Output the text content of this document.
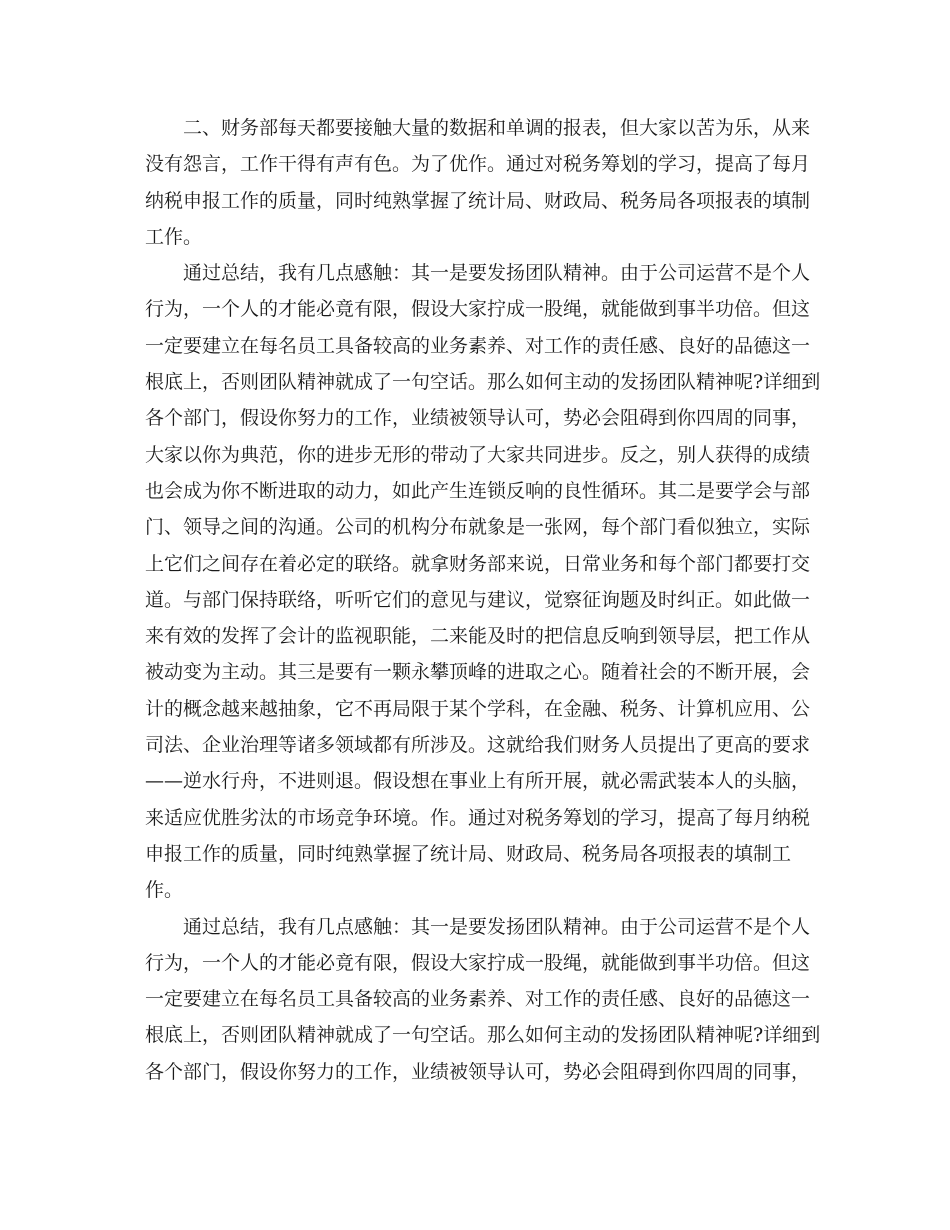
二、财务部每天都要接触大量的数据和单调的报表，但大家以苦为乐，从来
没有怨言，工作干得有声有色。为了优作。通过对税务筹划的学习，提高了每月
纳税申报工作的质量，同时纯熟掌握了统计局、财政局、税务局各项报表的填制
工作。
通过总结，我有几点感触：其一是要发扬团队精神。由于公司运营不是个人
行为，一个人的才能必竟有限，假设大家拧成一股绳，就能做到事半功倍。但这
一定要建立在每名员工具备较高的业务素养、对工作的责任感、良好的品德这一
根底上，否则团队精神就成了一句空话。那么如何主动的发扬团队精神呢?详细到
各个部门，假设你努力的工作，业绩被领导认可，势必会阻碍到你四周的同事，
大家以你为典范，你的进步无形的带动了大家共同进步。反之，别人获得的成绩
也会成为你不断进取的动力，如此产生连锁反响的良性循环。其二是要学会与部
门、领导之间的沟通。公司的机构分布就象是一张网，每个部门看似独立，实际
上它们之间存在着必定的联络。就拿财务部来说，日常业务和每个部门都要打交
道。与部门保持联络，听听它们的意见与建议，觉察征询题及时纠正。如此做一
来有效的发挥了会计的监视职能，二来能及时的把信息反响到领导层，把工作从
被动变为主动。其三是要有一颗永攀顶峰的进取之心。随着社会的不断开展，会
计的概念越来越抽象，它不再局限于某个学科，在金融、税务、计算机应用、公
司法、企业治理等诸多领域都有所涉及。这就给我们财务人员提出了更高的要求
——逆水行舟，不进则退。假设想在事业上有所开展，就必需武装本人的头脑，
来适应优胜劣汰的市场竞争环境。作。通过对税务筹划的学习，提高了每月纳税
申报工作的质量，同时纯熟掌握了统计局、财政局、税务局各项报表的填制工
作。
通过总结，我有几点感触：其一是要发扬团队精神。由于公司运营不是个人
行为，一个人的才能必竟有限，假设大家拧成一股绳，就能做到事半功倍。但这
一定要建立在每名员工具备较高的业务素养、对工作的责任感、良好的品德这一
根底上，否则团队精神就成了一句空话。那么如何主动的发扬团队精神呢?详细到
各个部门，假设你努力的工作，业绩被领导认可，势必会阻碍到你四周的同事，
